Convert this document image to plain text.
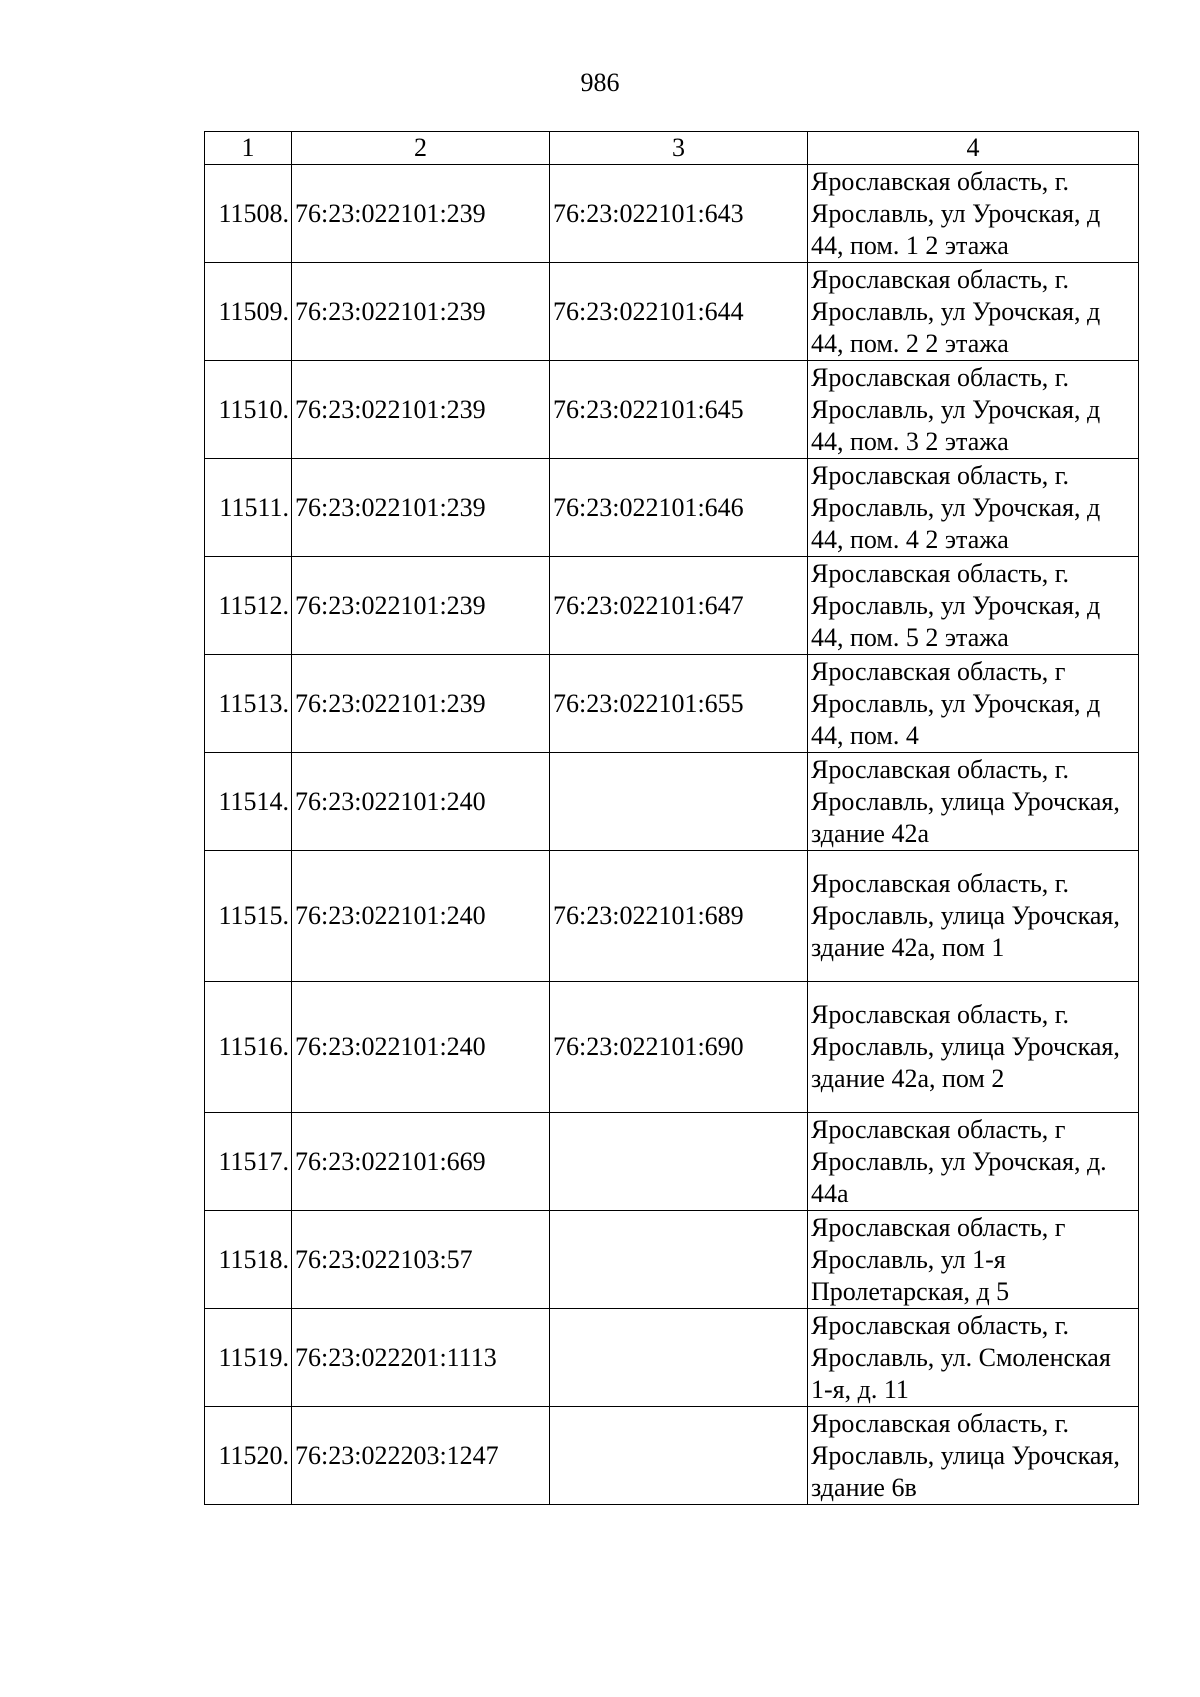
986
1	2	3	4
11508.	76:23:022101:239	76:23:022101:643	Ярославская область, г. Ярославль, ул Урочская, д 44, пом. 1 2 этажа
11509.	76:23:022101:239	76:23:022101:644	Ярославская область, г. Ярославль, ул Урочская, д 44, пом. 2 2 этажа
11510.	76:23:022101:239	76:23:022101:645	Ярославская область, г. Ярославль, ул Урочская, д 44, пом. 3 2 этажа
11511.	76:23:022101:239	76:23:022101:646	Ярославская область, г. Ярославль, ул Урочская, д 44, пом. 4 2 этажа
11512.	76:23:022101:239	76:23:022101:647	Ярославская область, г. Ярославль, ул Урочская, д 44, пом. 5 2 этажа
11513.	76:23:022101:239	76:23:022101:655	Ярославская область, г Ярославль, ул Урочская, д 44, пом. 4
11514.	76:23:022101:240		Ярославская область, г. Ярославль, улица Урочская, здание 42а
11515.	76:23:022101:240	76:23:022101:689	Ярославская область, г. Ярославль, улица Урочская, здание 42а, пом 1
11516.	76:23:022101:240	76:23:022101:690	Ярославская область, г. Ярославль, улица Урочская, здание 42а, пом 2
11517.	76:23:022101:669		Ярославская область, г Ярославль, ул Урочская, д. 44а
11518.	76:23:022103:57		Ярославская область, г Ярославль, ул 1-я Пролетарская, д 5
11519.	76:23:022201:1113		Ярославская область, г. Ярославль, ул. Смоленская 1-я, д. 11
11520.	76:23:022203:1247		Ярославская область, г. Ярославль, улица Урочская, здание 6в
